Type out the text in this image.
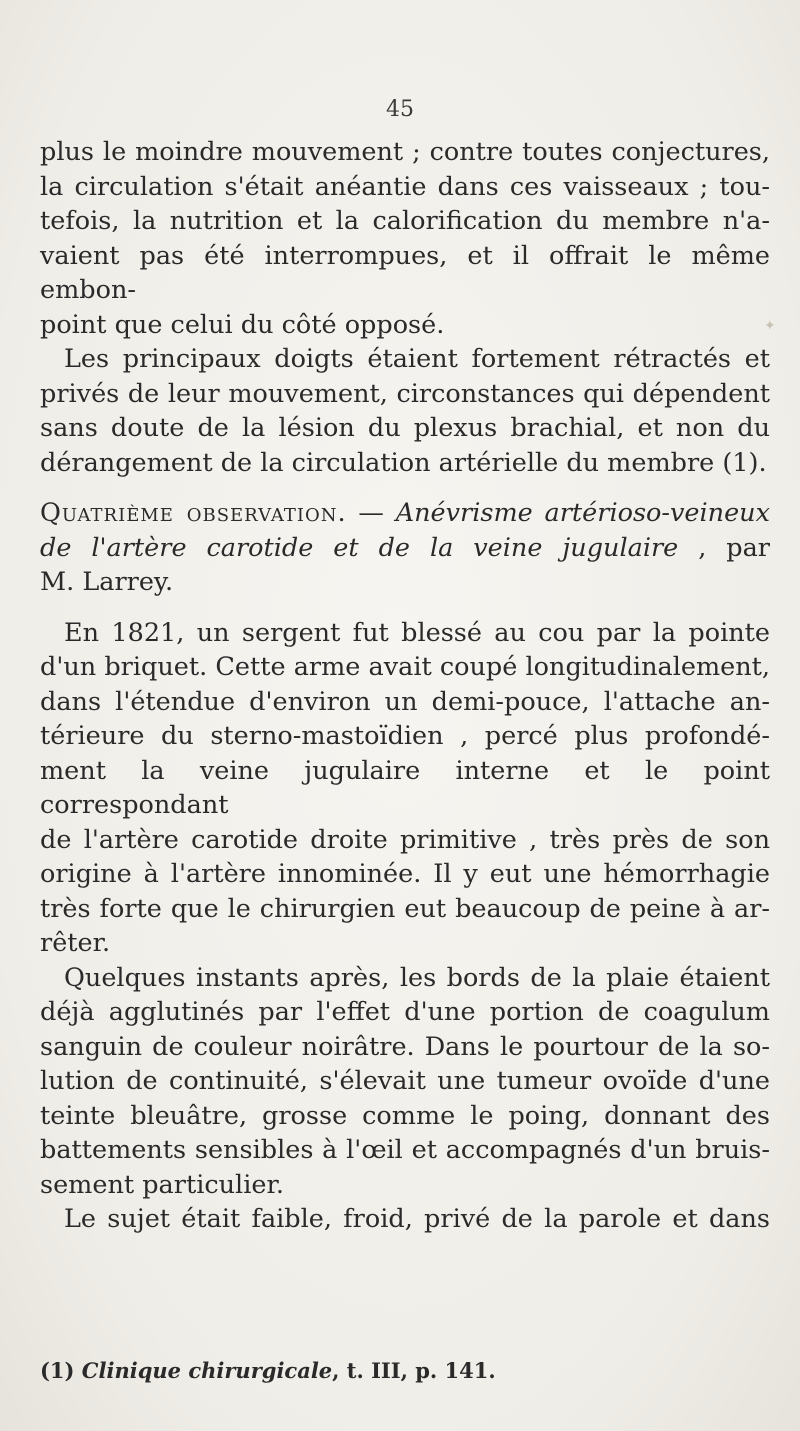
✦
45

plus le moindre mouvement ; contre toutes conjectures,

la circulation s'était anéantie dans ces vaisseaux ; tou-

tefois, la nutrition et la calorification du membre n'a-

vaient pas été interrompues, et il offrait le même embon-

point que celui du côté opposé.

Les principaux doigts étaient fortement rétractés et

privés de leur mouvement, circonstances qui dépendent

sans doute de la lésion du plexus brachial, et non du

dérangement de la circulation artérielle du membre (1).

Quatrième observation. — Anévrisme artérioso-veineux

de l'artère carotide et de la veine jugulaire , par

M. Larrey.

En 1821, un sergent fut blessé au cou par la pointe

d'un briquet. Cette arme avait coupé longitudinalement,

dans l'étendue d'environ un demi-pouce, l'attache an-

térieure du sterno-mastoïdien , percé plus profondé-

ment la veine jugulaire interne et le point correspondant

de l'artère carotide droite primitive , très près de son

origine à l'artère innominée. Il y eut une hémorrhagie

très forte que le chirurgien eut beaucoup de peine à ar-

rêter.

Quelques instants après, les bords de la plaie étaient

déjà agglutinés par l'effet d'une portion de coagulum

sanguin de couleur noirâtre. Dans le pourtour de la so-

lution de continuité, s'élevait une tumeur ovoïde d'une

teinte bleuâtre, grosse comme le poing, donnant des

battements sensibles à l'œil et accompagnés d'un bruis-

sement particulier.

Le sujet était faible, froid, privé de la parole et dans

(1) Clinique chirurgicale, t. III, p. 141.
